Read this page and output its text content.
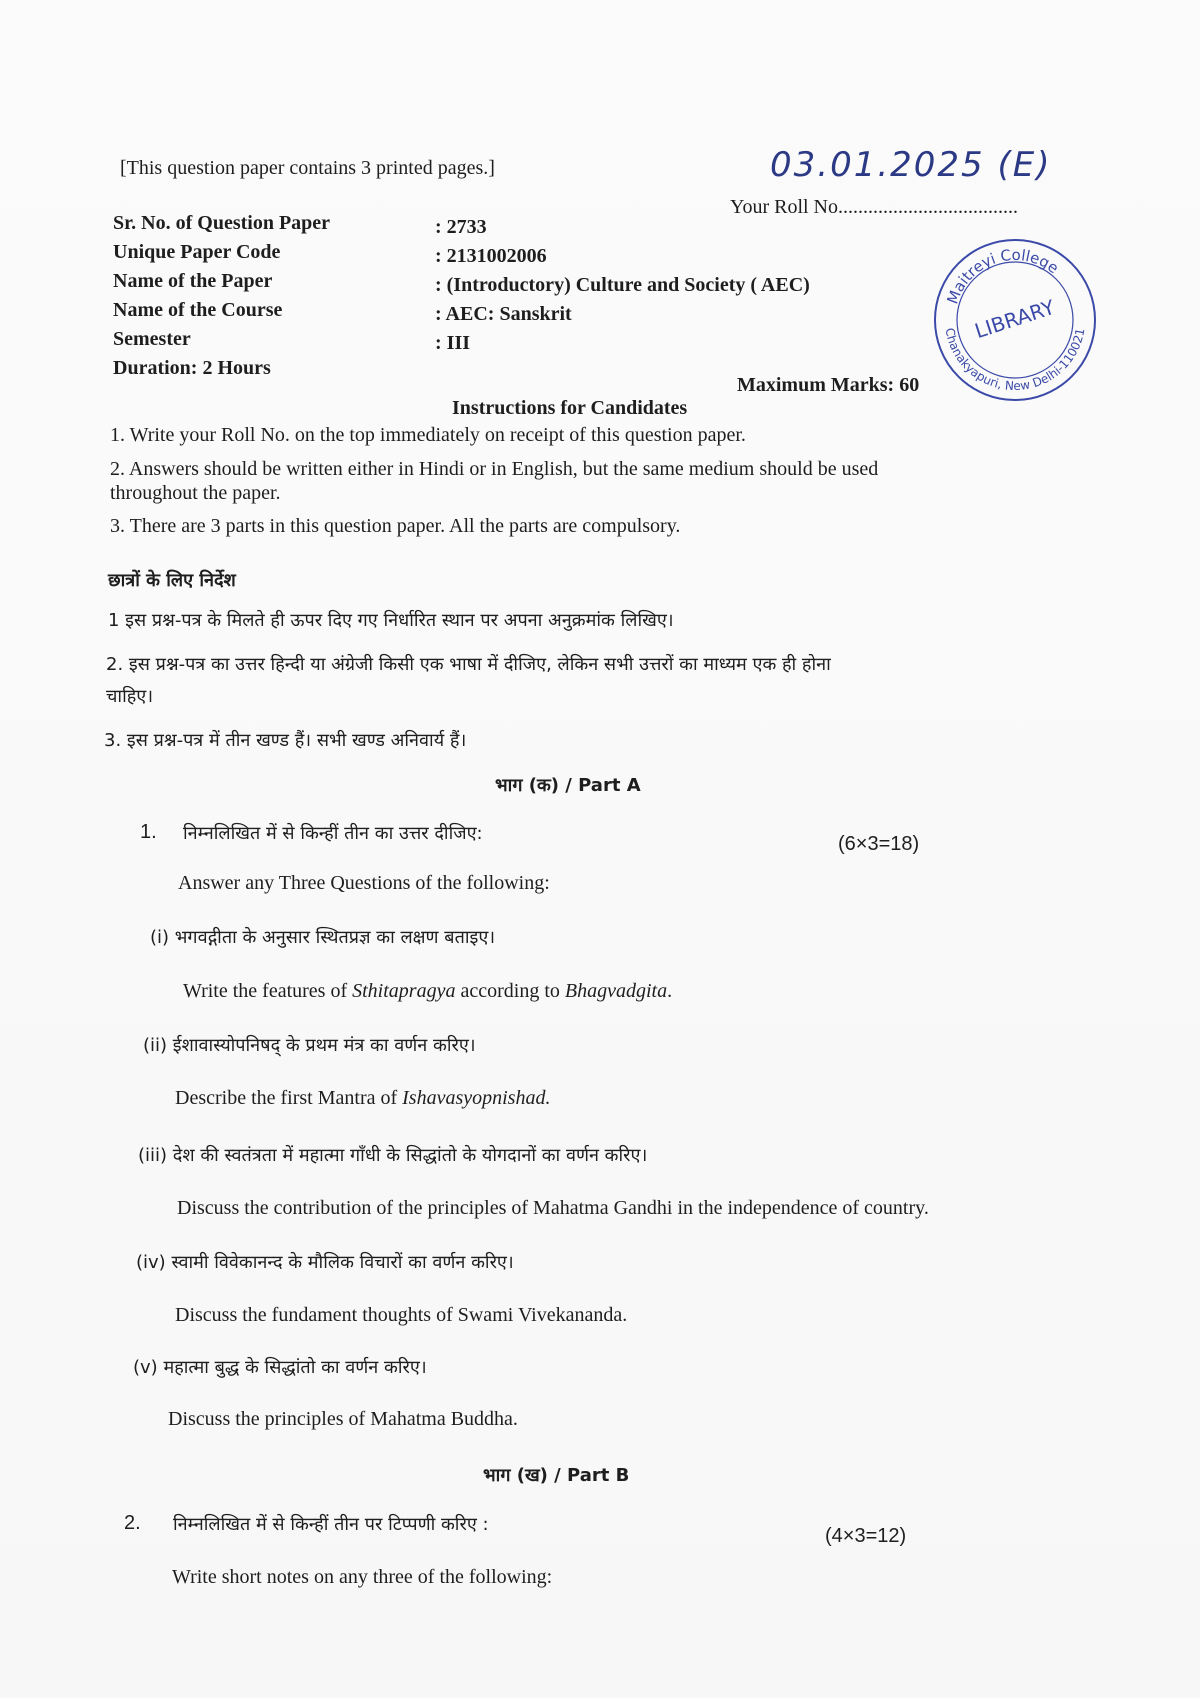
[This question paper contains 3 printed pages.]	03.01.2025 (E)
Your Roll No....................................
Sr. No. of Question Paper
Unique Paper Code
Name of the Paper
Name of the Course
Semester
Duration: 2 Hours
: 2733
: 2131002006
: (Introductory) Culture and Society ( AEC)
: AEC: Sanskrit
: III
Maitreyi College
LIBRARY
Chanakyapuri, New Delhi-110021
Maximum Marks: 60
Instructions for Candidates
1. Write your Roll No. on the top immediately on receipt of this question paper.
2. Answers should be written either in Hindi or in English, but the same medium should be used
throughout the paper.
3. There are 3 parts in this question paper. All the parts are compulsory.
छात्रों के लिए निर्देश
1 इस प्रश्न-पत्र के मिलते ही ऊपर दिए गए निर्धारित स्थान पर अपना अनुक्रमांक लिखिए।
2. इस प्रश्न-पत्र का उत्तर हिन्दी या अंग्रेजी किसी एक भाषा में दीजिए, लेकिन सभी उत्तरों का माध्यम एक ही होना
चाहिए।
3. इस प्रश्न-पत्र में तीन खण्ड हैं। सभी खण्ड अनिवार्य हैं।
भाग (क) / Part A
1. निम्नलिखित में से किन्हीं तीन का उत्तर दीजिए:	(6×3=18)
Answer any Three Questions of the following:
(i) भगवद्गीता के अनुसार स्थितप्रज्ञ का लक्षण बताइए।
Write the features of Sthitapragya according to Bhagvadgita.
(ii) ईशावास्योपनिषद् के प्रथम मंत्र का वर्णन करिए।
Describe the first Mantra of Ishavasyopnishad.
(iii) देश की स्वतंत्रता में महात्मा गाँधी के सिद्धांतो के योगदानों का वर्णन करिए।
Discuss the contribution of the principles of Mahatma Gandhi in the independence of country.
(iv) स्वामी विवेकानन्द के मौलिक विचारों का वर्णन करिए।
Discuss the fundament thoughts of Swami Vivekananda.
(v) महात्मा बुद्ध के सिद्धांतो का वर्णन करिए।
Discuss the principles of Mahatma Buddha.
भाग (ख) / Part B
2. निम्नलिखित में से किन्हीं तीन पर टिप्पणी करिए :
(4×3=12)
Write short notes on any three of the following:
